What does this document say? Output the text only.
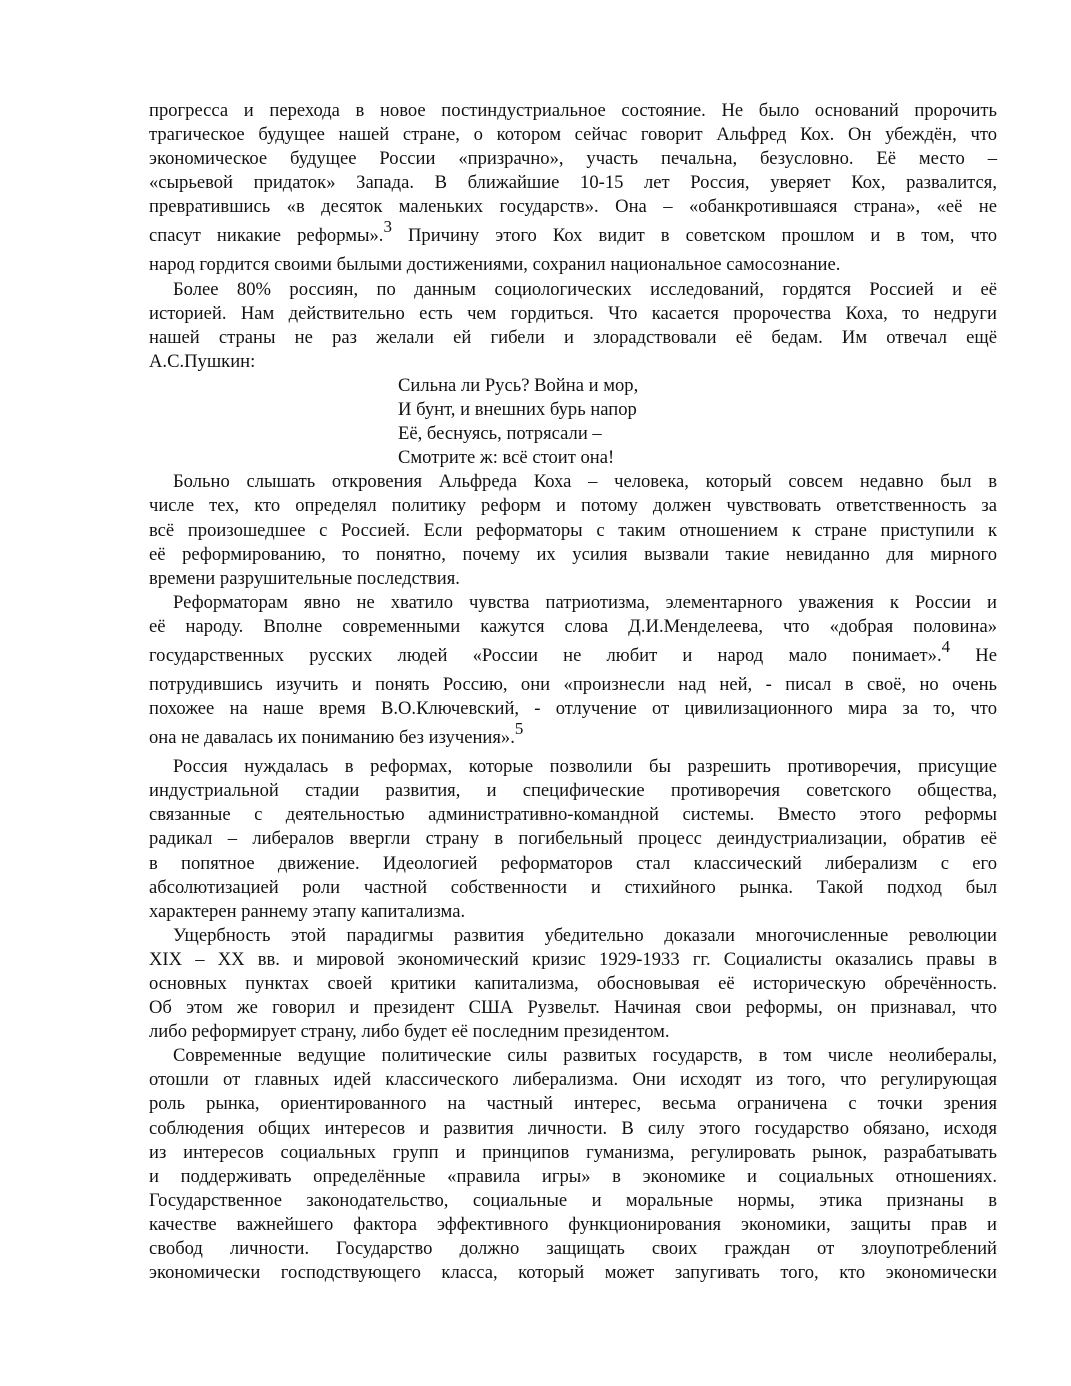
прогресса и перехода в новое постиндустриальное состояние. Не было оснований пророчить
трагическое будущее нашей стране, о котором сейчас говорит Альфред Кох. Он убеждён, что
экономическое будущее России «призрачно», участь печальна, безусловно. Её место –
«сырьевой придаток» Запада. В ближайшие 10-15 лет Россия, уверяет Кох, развалится,
превратившись «в десяток маленьких государств». Она – «обанкротившаяся страна», «её не
спасут никакие реформы».$^3$ Причину этого Кох видит в советском прошлом и в том, что
народ гордится своими былыми достижениями, сохранил национальное самосознание.
Более 80% россиян, по данным социологических исследований, гордятся Россией и её
историей. Нам действительно есть чем гордиться. Что касается пророчества Коха, то недруги
нашей страны не раз желали ей гибели и злорадствовали её бедам. Им отвечал ещё
А.С.Пушкин:
Сильна ли Русь? Война и мор,
И бунт, и внешних бурь напор
Её, беснуясь, потрясали –
Смотрите ж: всё стоит она!
Больно слышать откровения Альфреда Коха – человека, который совсем недавно был в
числе тех, кто определял политику реформ и потому должен чувствовать ответственность за
всё произошедшее с Россией. Если реформаторы с таким отношением к стране приступили к
её реформированию, то понятно, почему их усилия вызвали такие невиданно для мирного
времени разрушительные последствия.
Реформаторам явно не хватило чувства патриотизма, элементарного уважения к России и
её народу. Вполне современными кажутся слова Д.И.Менделеева, что «добрая половина»
государственных русских людей «России не любит и народ мало понимает».$^4$ Не
потрудившись изучить и понять Россию, они «произнесли над ней, - писал в своё, но очень
похожее на наше время В.О.Ключевский, - отлучение от цивилизационного мира за то, что
она не давалась их пониманию без изучения».$^5$
Россия нуждалась в реформах, которые позволили бы разрешить противоречия, присущие
индустриальной стадии развития, и специфические противоречия советского общества,
связанные с деятельностью административно-командной системы. Вместо этого реформы
радикал – либералов ввергли страну в погибельный процесс деиндустриализации, обратив её
в попятное движение. Идеологией реформаторов стал классический либерализм с его
абсолютизацией роли частной собственности и стихийного рынка. Такой подход был
характерен раннему этапу капитализма.
Ущербность этой парадигмы развития убедительно доказали многочисленные революции
XIX – XX вв. и мировой экономический кризис 1929-1933 гг. Социалисты оказались правы в
основных пунктах своей критики капитализма, обосновывая её историческую обречённость.
Об этом же говорил и президент США Рузвельт. Начиная свои реформы, он признавал, что
либо реформирует страну, либо будет её последним президентом.
Современные ведущие политические силы развитых государств, в том числе неолибералы,
отошли от главных идей классического либерализма. Они исходят из того, что регулирующая
роль рынка, ориентированного на частный интерес, весьма ограничена с точки зрения
соблюдения общих интересов и развития личности. В силу этого государство обязано, исходя
из интересов социальных групп и принципов гуманизма, регулировать рынок, разрабатывать
и поддерживать определённые «правила игры» в экономике и социальных отношениях.
Государственное законодательство, социальные и моральные нормы, этика признаны в
качестве важнейшего фактора эффективного функционирования экономики, защиты прав и
свобод личности. Государство должно защищать своих граждан от злоупотреблений
экономически господствующего класса, который может запугивать того, кто экономически
